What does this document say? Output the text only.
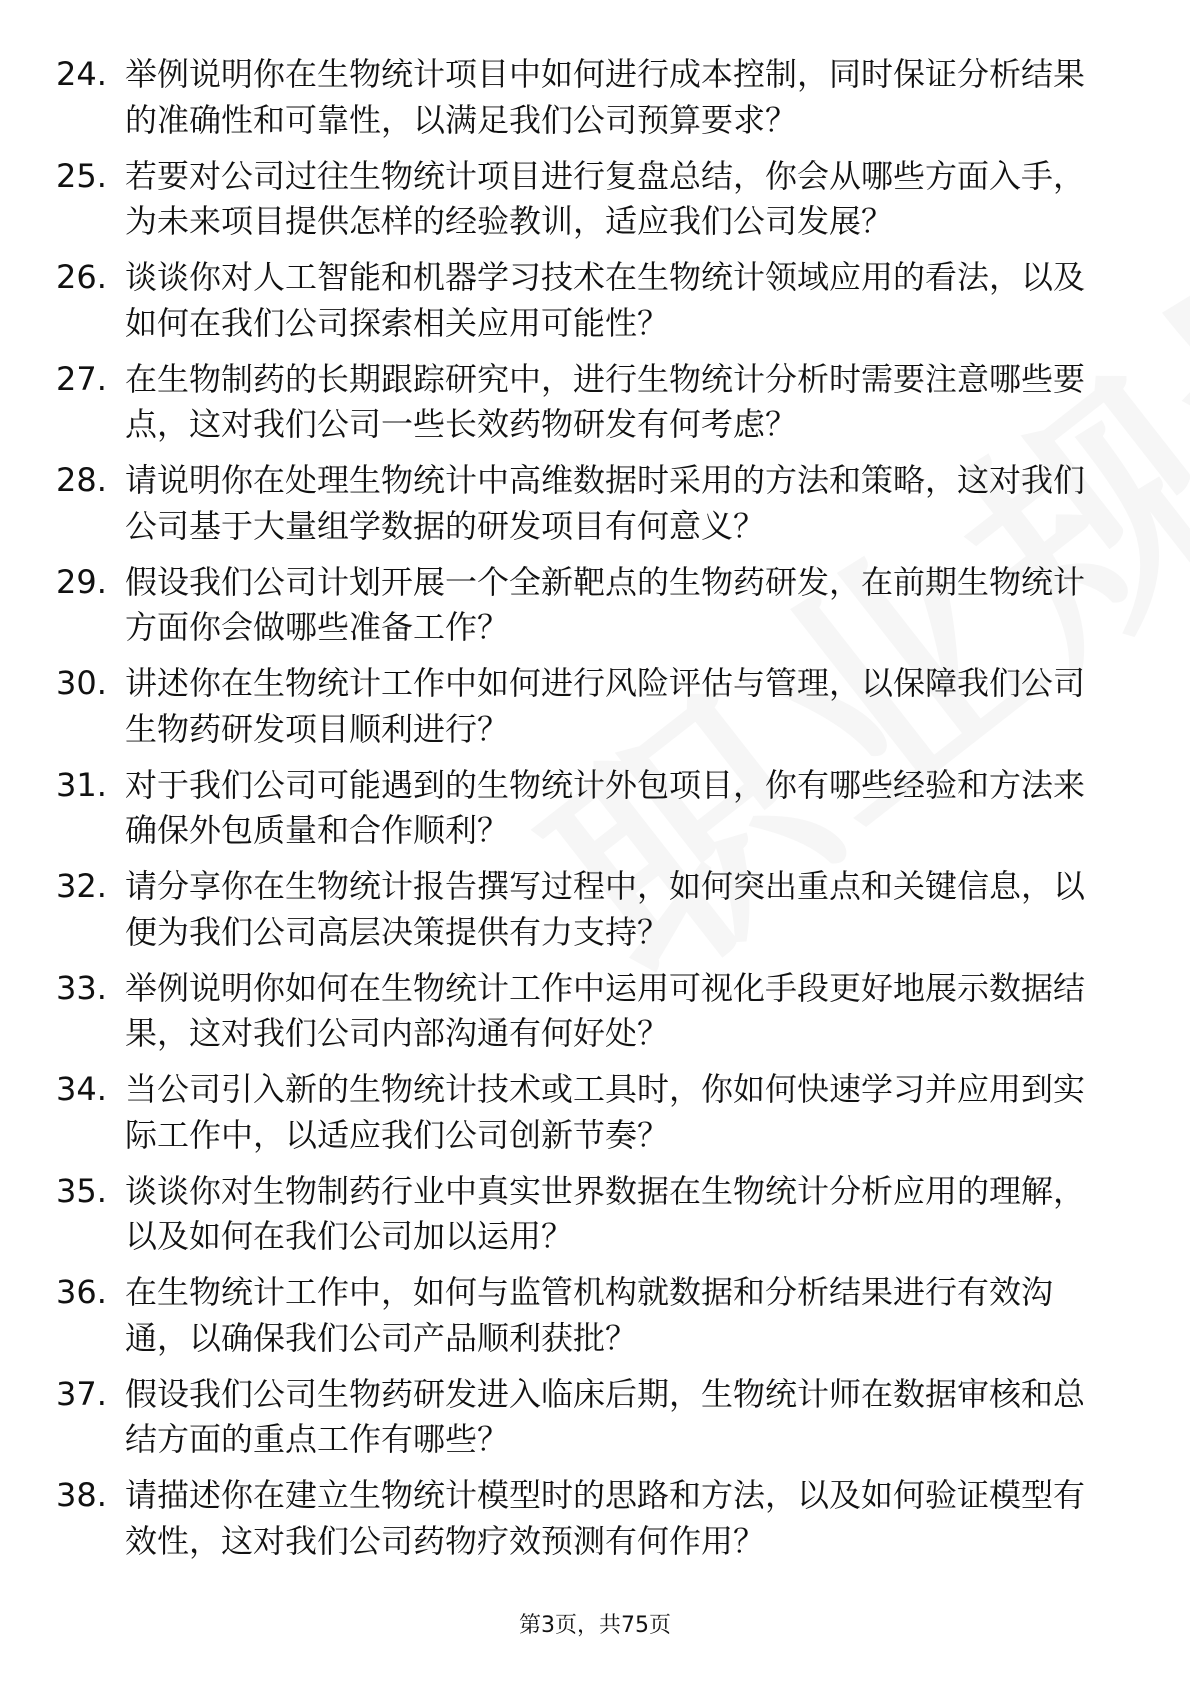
24. 举例说明你在生物统计项目中如何进行成本控制，同时保证分析结果的准确性和可靠性，以满足我们公司预算要求？
25. 若要对公司过往生物统计项目进行复盘总结，你会从哪些方面入手，为未来项目提供怎样的经验教训，适应我们公司发展？
26. 谈谈你对人工智能和机器学习技术在生物统计领域应用的看法，以及如何在我们公司探索相关应用可能性？
27. 在生物制药的长期跟踪研究中，进行生物统计分析时需要注意哪些要点，这对我们公司一些长效药物研发有何考虑？
28. 请说明你在处理生物统计中高维数据时采用的方法和策略，这对我们公司基于大量组学数据的研发项目有何意义？
29. 假设我们公司计划开展一个全新靶点的生物药研发，在前期生物统计方面你会做哪些准备工作？
30. 讲述你在生物统计工作中如何进行风险评估与管理，以保障我们公司生物药研发项目顺利进行？
31. 对于我们公司可能遇到的生物统计外包项目，你有哪些经验和方法来确保外包质量和合作顺利？
32. 请分享你在生物统计报告撰写过程中，如何突出重点和关键信息，以便为我们公司高层决策提供有力支持？
33. 举例说明你如何在生物统计工作中运用可视化手段更好地展示数据结果，这对我们公司内部沟通有何好处？
34. 当公司引入新的生物统计技术或工具时，你如何快速学习并应用到实际工作中，以适应我们公司创新节奏？
35. 谈谈你对生物制药行业中真实世界数据在生物统计分析应用的理解，以及如何在我们公司加以运用？
36. 在生物统计工作中，如何与监管机构就数据和分析结果进行有效沟通，以确保我们公司产品顺利获批？
37. 假设我们公司生物药研发进入临床后期，生物统计师在数据审核和总结方面的重点工作有哪些？
38. 请描述你在建立生物统计模型时的思路和方法，以及如何验证模型有效性，这对我们公司药物疗效预测有何作用？
第3页，共75页
